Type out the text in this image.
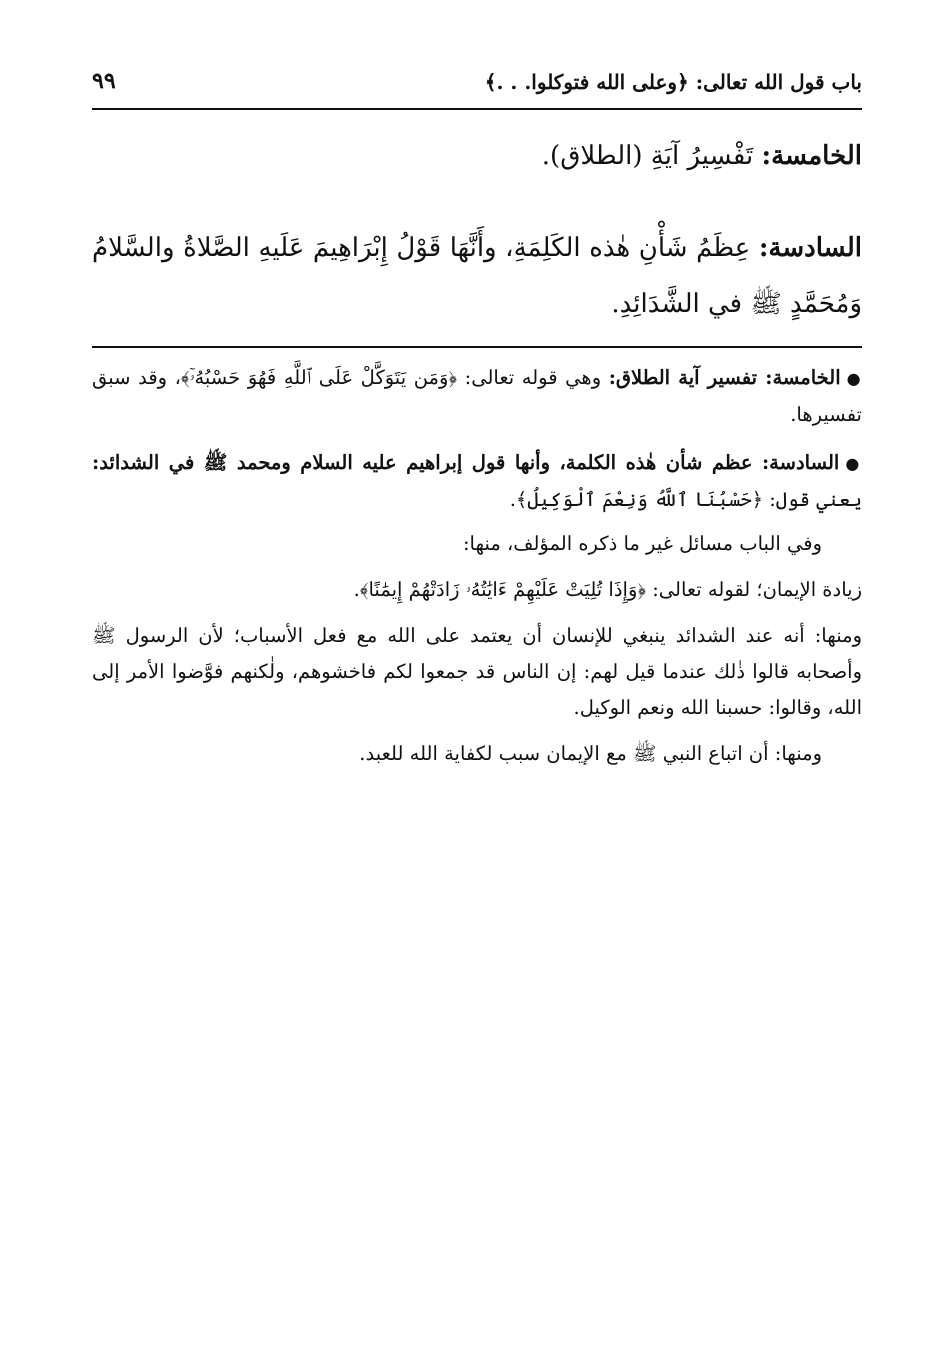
باب قول الله تعالى: ﴿وعلى الله فتوكلوا. . .﴾
٩٩

الخامسة: تَفْسِيرُ آيَةِ (الطلاق).

السادسة: عِظَمُ شَأْنِ هٰذه الكَلِمَةِ، وأَنَّهَا قَوْلُ إِبْرَاهِيمَ عَلَيهِ الصَّلاةُ والسَّلامُ وَمُحَمَّدٍ ﷺ في الشَّدَائِدِ.

●الخامسة: تفسير آية الطلاق: وهي قوله تعالى: ﴿وَمَن يَتَوَكَّلْ عَلَى ٱللَّهِ فَهُوَ حَسْبُهُۥٓ﴾، وقد سبق تفسيرها.

●السادسة: عظم شأن هٰذه الكلمة، وأنها قول إبراهيم عليه السلام ومحمد ﷺ في الشدائد: يعني قول: ﴿حَسْبُنَا ٱللَّهُ وَنِعْمَ ٱلْوَكِيلُ﴾.

وفي الباب مسائل غير ما ذكره المؤلف، منها:

زيادة الإيمان؛ لقوله تعالى: ﴿وَإِذَا تُلِيَتْ عَلَيْهِمْ ءَايَٰتُهُۥ زَادَتْهُمْ إِيمَٰنًا﴾.

ومنها: أنه عند الشدائد ينبغي للإنسان أن يعتمد على الله مع فعل الأسباب؛ لأن الرسول ﷺ وأصحابه قالوا ذٰلك عندما قيل لهم: إن الناس قد جمعوا لكم فاخشوهم، ولٰكنهم فوَّضوا الأمر إلى الله، وقالوا: حسبنا الله ونعم الوكيل.

ومنها: أن اتباع النبي ﷺ مع الإيمان سبب لكفاية الله للعبد.
